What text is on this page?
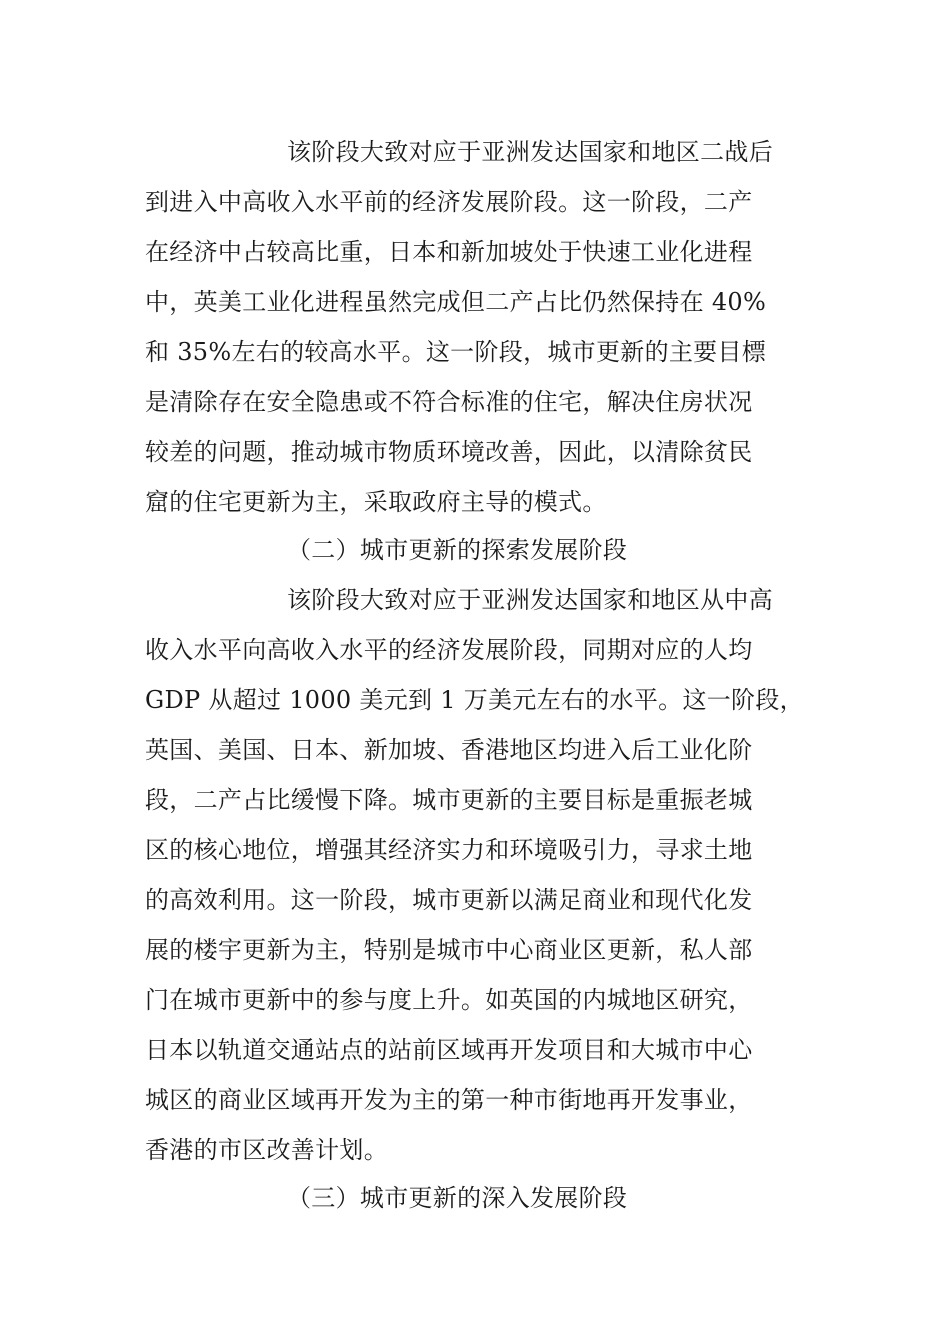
该阶段大致对应于亚洲发达国家和地区二战后
到进入中高收入水平前的经济发展阶段。这一阶段，二产
在经济中占较高比重，日本和新加坡处于快速工业化进程
中，英美工业化进程虽然完成但二产占比仍然保持在 40%
和 35%左右的较高水平。这一阶段，城市更新的主要目標
是清除存在安全隐患或不符合标准的住宅，解决住房状况
较差的问题，推动城市物质环境改善，因此，以清除贫民
窟的住宅更新为主，采取政府主导的模式。
（二）城市更新的探索发展阶段
该阶段大致对应于亚洲发达国家和地区从中高
收入水平向高收入水平的经济发展阶段，同期对应的人均
GDP 从超过 1000 美元到 1 万美元左右的水平。这一阶段，
英国、美国、日本、新加坡、香港地区均进入后工业化阶
段，二产占比缓慢下降。城市更新的主要目标是重振老城
区的核心地位，增强其经济实力和环境吸引力，寻求土地
的高效利用。这一阶段，城市更新以满足商业和现代化发
展的楼宇更新为主，特别是城市中心商业区更新，私人部
门在城市更新中的参与度上升。如英国的内城地区研究，
日本以轨道交通站点的站前区域再开发项目和大城市中心
城区的商业区域再开发为主的第一种市街地再开发事业，
香港的市区改善计划。
（三）城市更新的深入发展阶段
